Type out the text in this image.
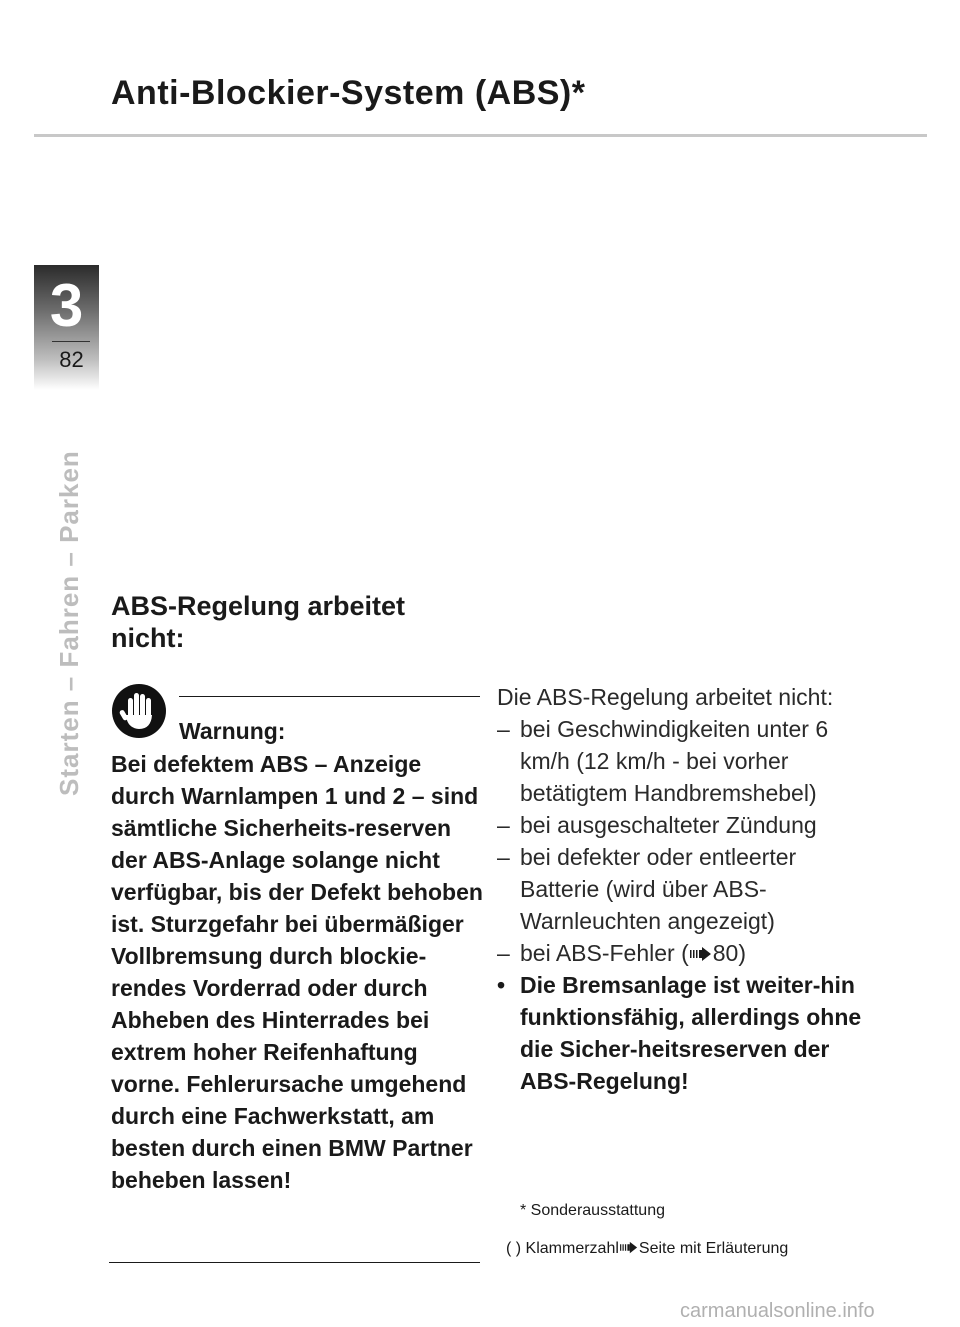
Anti-Blockier-System (ABS)*
3
82
Starten – Fahren – Parken ABS-Regelung arbeitet nicht:
Warnung:

Bei defektem ABS – Anzeige durch Warnlampen 1 und 2 – sind sämtliche Sicherheits-reserven der ABS-Anlage solange nicht verfügbar, bis der Defekt behoben ist. Sturzgefahr bei übermäßiger Vollbremsung durch blockie-rendes Vorderrad oder durch Abheben des Hinterrades bei extrem hoher Reifenhaftung vorne. Fehlerursache umgehend durch eine Fachwerkstatt, am besten durch einen BMW Partner beheben lassen!

Die ABS-Regelung arbeitet nicht:

– bei Geschwindigkeiten unter 6 km/h (12 km/h - bei vorher betätigtem Handbremshebel)
– bei ausgeschalteter Zündung
– bei defekter oder entleerter Batterie (wird über ABS-Warnleuchten angezeigt)
– bei ABS-Fehler ( 80)
• Die Bremsanlage ist weiter-hin funktionsfähig, allerdings ohne die Sicher-heitsreserven der ABS-Regelung!
* Sonderausstattung
( ) Klammerzahl Seite mit Erläuterung
carmanualsonline.info
